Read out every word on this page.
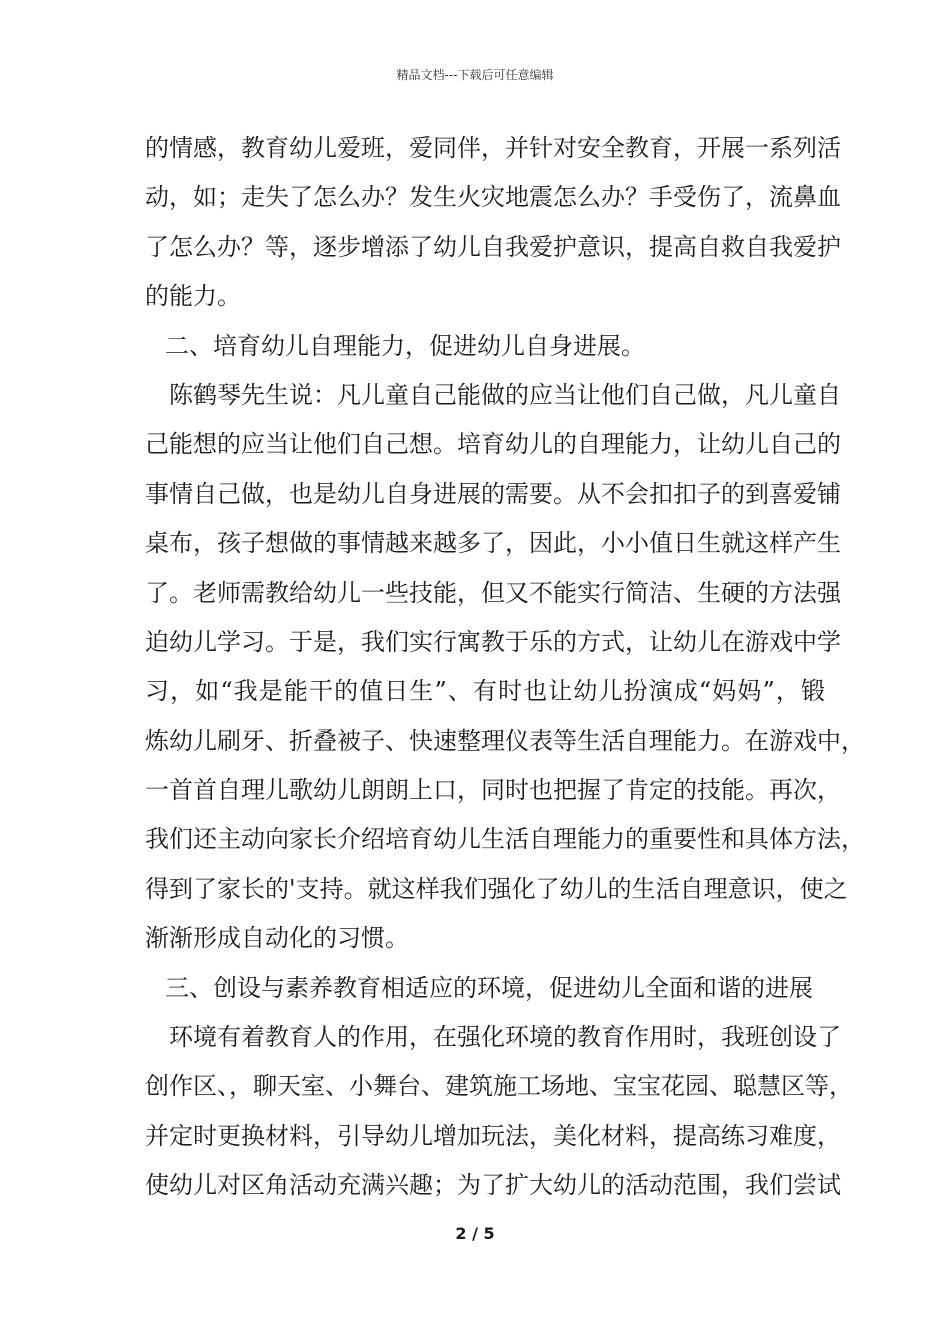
精品文档---下载后可任意编辑
的情感，教育幼儿爱班，爱同伴，并针对安全教育，开展一系列活
动，如；走失了怎么办？发生火灾地震怎么办？手受伤了，流鼻血
了怎么办？等，逐步增添了幼儿自我爱护意识，提高自救自我爱护
的能力。
二、培育幼儿自理能力，促进幼儿自身进展。
陈鹤琴先生说：凡儿童自己能做的应当让他们自己做，凡儿童自
己能想的应当让他们自己想。培育幼儿的自理能力，让幼儿自己的
事情自己做，也是幼儿自身进展的需要。从不会扣扣子的到喜爱铺
桌布，孩子想做的事情越来越多了，因此，小小值日生就这样产生
了。老师需教给幼儿一些技能，但又不能实行简洁、生硬的方法强
迫幼儿学习。于是，我们实行寓教于乐的方式，让幼儿在游戏中学
习，如“我是能干的值日生”、有时也让幼儿扮演成“妈妈”，锻
炼幼儿刷牙、折叠被子、快速整理仪表等生活自理能力。在游戏中，
一首首自理儿歌幼儿朗朗上口，同时也把握了肯定的技能。再次，
我们还主动向家长介绍培育幼儿生活自理能力的重要性和具体方法，
得到了家长的'支持。就这样我们强化了幼儿的生活自理意识，使之
渐渐形成自动化的习惯。
三、创设与素养教育相适应的环境，促进幼儿全面和谐的进展
环境有着教育人的作用，在强化环境的教育作用时，我班创设了
创作区、，聊天室、小舞台、建筑施工场地、宝宝花园、聪慧区等，
并定时更换材料，引导幼儿增加玩法，美化材料，提高练习难度，
使幼儿对区角活动充满兴趣；为了扩大幼儿的活动范围，我们尝试
2 / 5
